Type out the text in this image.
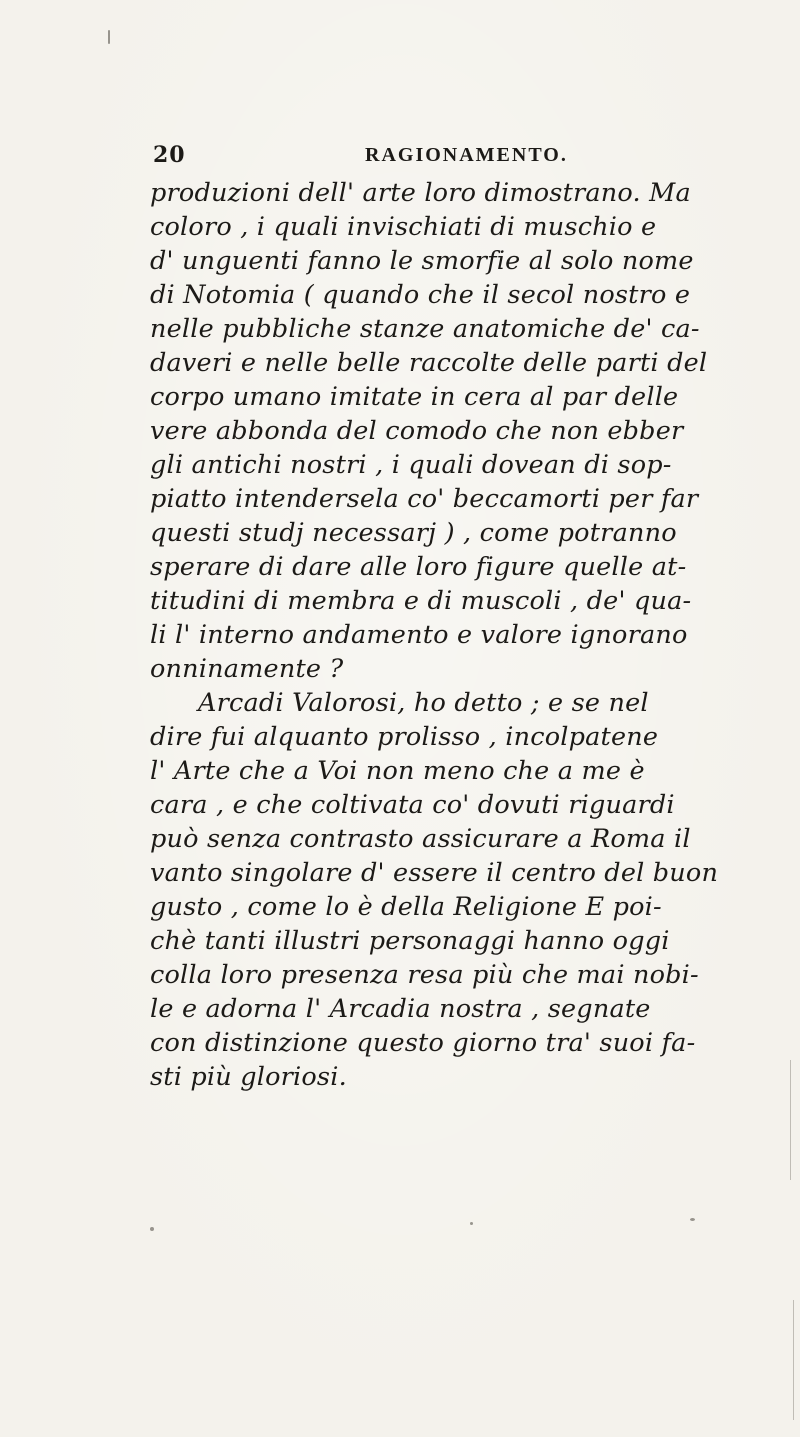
20	RAGIONAMENTO.
produzioni dell' arte loro dimostrano. Ma
coloro , i quali invischiati di muschio e
d' unguenti fanno le smorfie al solo nome
di Notomia ( quando che il secol nostro e
nelle pubbliche stanze anatomiche de' ca-
daveri e nelle belle raccolte delle parti del
corpo umano imitate in cera al par delle
vere abbonda del comodo che non ebber
gli antichi nostri , i quali dovean di sop-
piatto intendersela co' beccamorti per far
questi studj necessarj ) , come potranno
sperare di dare alle loro figure quelle at-
titudini di membra e di muscoli , de' qua-
li l' interno andamento e valore ignorano
onninamente ?
Arcadi Valorosi, ho detto ; e se nel
dire fui alquanto prolisso , incolpatene
l' Arte che a Voi non meno che a me è
cara , e che coltivata co' dovuti riguardi
può senza contrasto assicurare a Roma il
vanto singolare d' essere il centro del buon
gusto , come lo è della Religione E poi-
chè tanti illustri personaggi hanno oggi
colla loro presenza resa più che mai nobi-
le e adorna l' Arcadia nostra , segnate
con distinzione questo giorno tra' suoi fa-
sti più gloriosi.
